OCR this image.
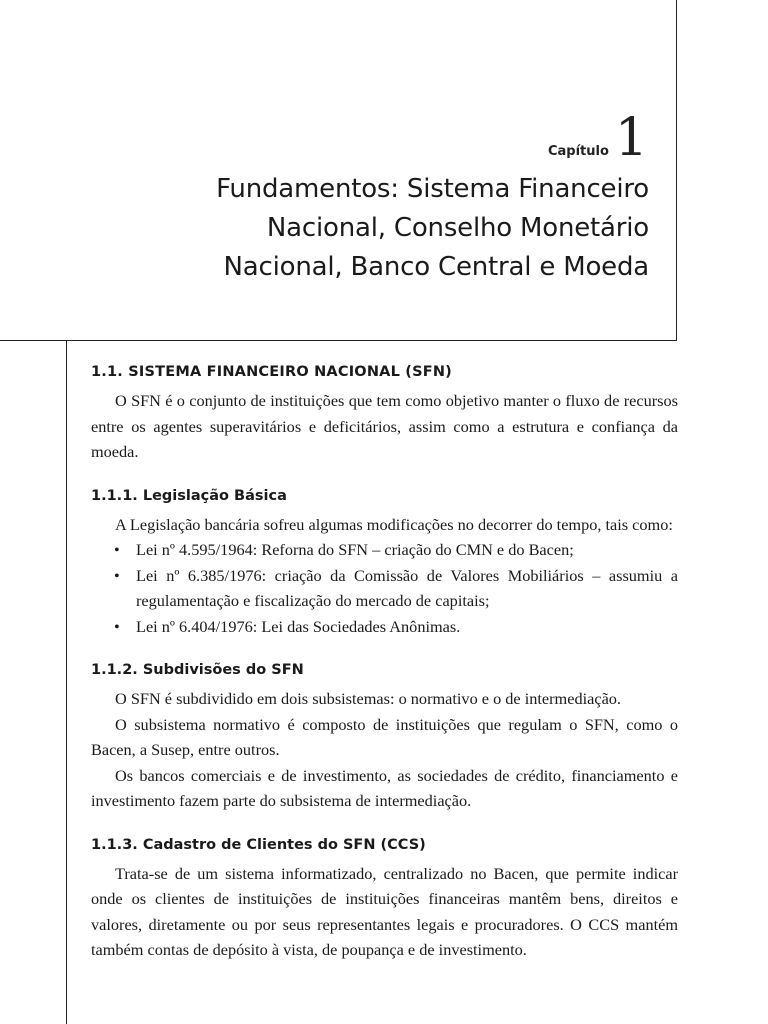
Capítulo 1
Fundamentos: Sistema Financeiro
Nacional, Conselho Monetário
Nacional, Banco Central e Moeda
1.1. SISTEMA FINANCEIRO NACIONAL (SFN)

O SFN é o conjunto de instituições que tem como objetivo manter o fluxo de recursos entre os agentes superavitários e deficitários, assim como a estrutura e confiança da moeda.

1.1.1. Legislação Básica

A Legislação bancária sofreu algumas modificações no decorrer do tempo, tais como:

• Lei nº 4.595/1964: Reforna do SFN – criação do CMN e do Bacen;
• Lei nº 6.385/1976: criação da Comissão de Valores Mobiliários – assumiu a regulamentação e fiscalização do mercado de capitais;
• Lei nº 6.404/1976: Lei das Sociedades Anônimas.
1.1.2. Subdivisões do SFN

O SFN é subdividido em dois subsistemas: o normativo e o de intermediação.

O subsistema normativo é composto de instituições que regulam o SFN, como o Bacen, a Susep, entre outros.

Os bancos comerciais e de investimento, as sociedades de crédito, financiamento e investimento fazem parte do subsistema de intermediação.

1.1.3. Cadastro de Clientes do SFN (CCS)

Trata-se de um sistema informatizado, centralizado no Bacen, que permite indicar onde os clientes de instituições de instituições financeiras mantêm bens, direitos e valores, diretamente ou por seus representantes legais e procuradores. O CCS mantém também contas de depósito à vista, de poupança e de investimento.
